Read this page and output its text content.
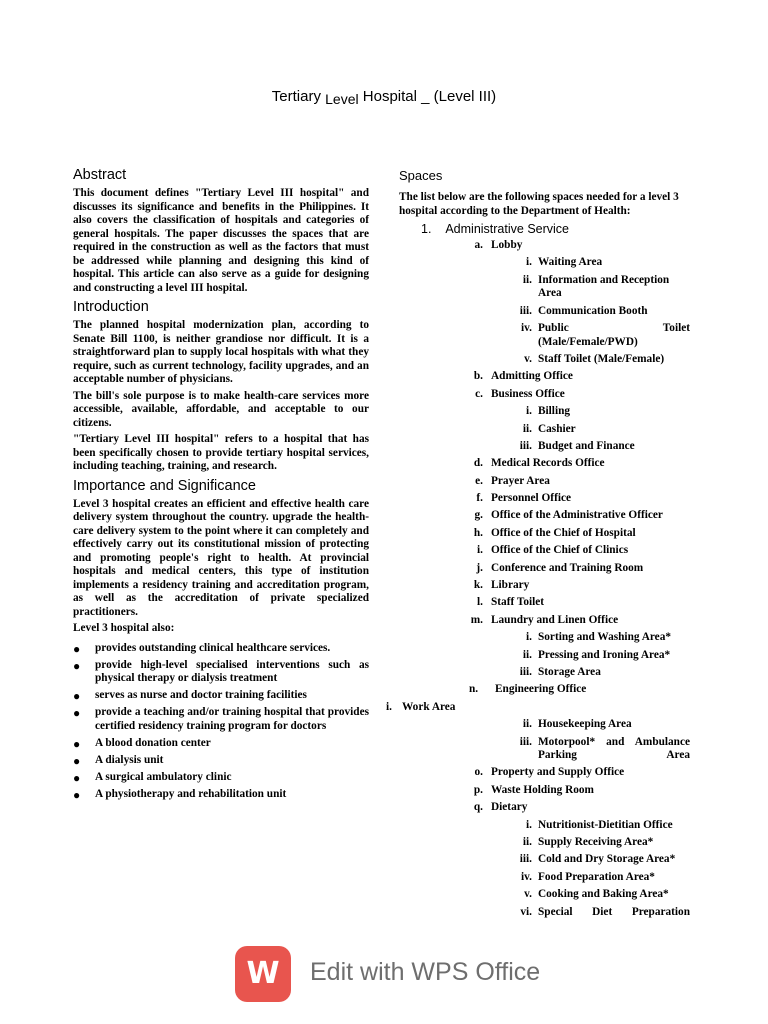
Tertiary Level Hospital _ (Level III)
Abstract

This document defines "Tertiary Level III hospital" and discusses its significance and benefits in the Philippines. It also covers the classification of hospitals and categories of general hospitals. The paper discusses the spaces that are required in the construction as well as the factors that must be addressed while planning and designing this kind of hospital. This article can also serve as a guide for designing and constructing a level III hospital.

Introduction

The planned hospital modernization plan, according to Senate Bill 1100, is neither grandiose nor difficult. It is a straightforward plan to supply local hospitals with what they require, such as current technology, facility upgrades, and an acceptable number of physicians.

The bill's sole purpose is to make health-care services more accessible, available, affordable, and acceptable to our citizens.

"Tertiary Level III hospital" refers to a hospital that has been specifically chosen to provide tertiary hospital services, including teaching, training, and research.

Importance and Significance

Level 3 hospital creates an efficient and effective health care delivery system throughout the country. upgrade the health-care delivery system to the point where it can completely and effectively carry out its constitutional mission of protecting and promoting people's right to health. At provincial hospitals and medical centers, this type of institution implements a residency training and accreditation program, as well as the accreditation of private specialized practitioners.

Level 3 hospital also:

● provides outstanding clinical healthcare services.
● provide high-level specialised interventions such as physical therapy or dialysis treatment
● serves as nurse and doctor training facilities
● provide a teaching and/or training hospital that provides certified residency training program for doctors
● A blood donation center
● A dialysis unit
● A surgical ambulatory clinic
● A physiotherapy and rehabilitation unit
Spaces

The list below are the following spaces needed for a level 3 hospital according to the Department of Health:

1. Administrative Service
a. Lobby
i. Waiting Area
ii. Information and Reception Area
iii. Communication Booth
iv. Public Toilet (Male/Female/PWD)
v. Staff Toilet (Male/Female)
b. Admitting Office
c. Business Office
i. Billing
ii. Cashier
iii. Budget and Finance
d. Medical Records Office
e. Prayer Area
f. Personnel Office
g. Office of the Administrative Officer
h. Office of the Chief of Hospital
i. Office of the Chief of Clinics
j. Conference and Training Room
k. Library
l. Staff Toilet
m. Laundry and Linen Office
i. Sorting and Washing Area*
ii. Pressing and Ironing Area*
iii. Storage Area
n. Engineering Office
i. Work Area
ii. Housekeeping Area
iii. Motorpool* and Ambulance Parking Area
o. Property and Supply Office
p. Waste Holding Room
q. Dietary
i. Nutritionist-Dietitian Office
ii. Supply Receiving Area*
iii. Cold and Dry Storage Area*
iv. Food Preparation Area*
v. Cooking and Baking Area*
vi. Special Diet Preparation
W	Edit with WPS Office
